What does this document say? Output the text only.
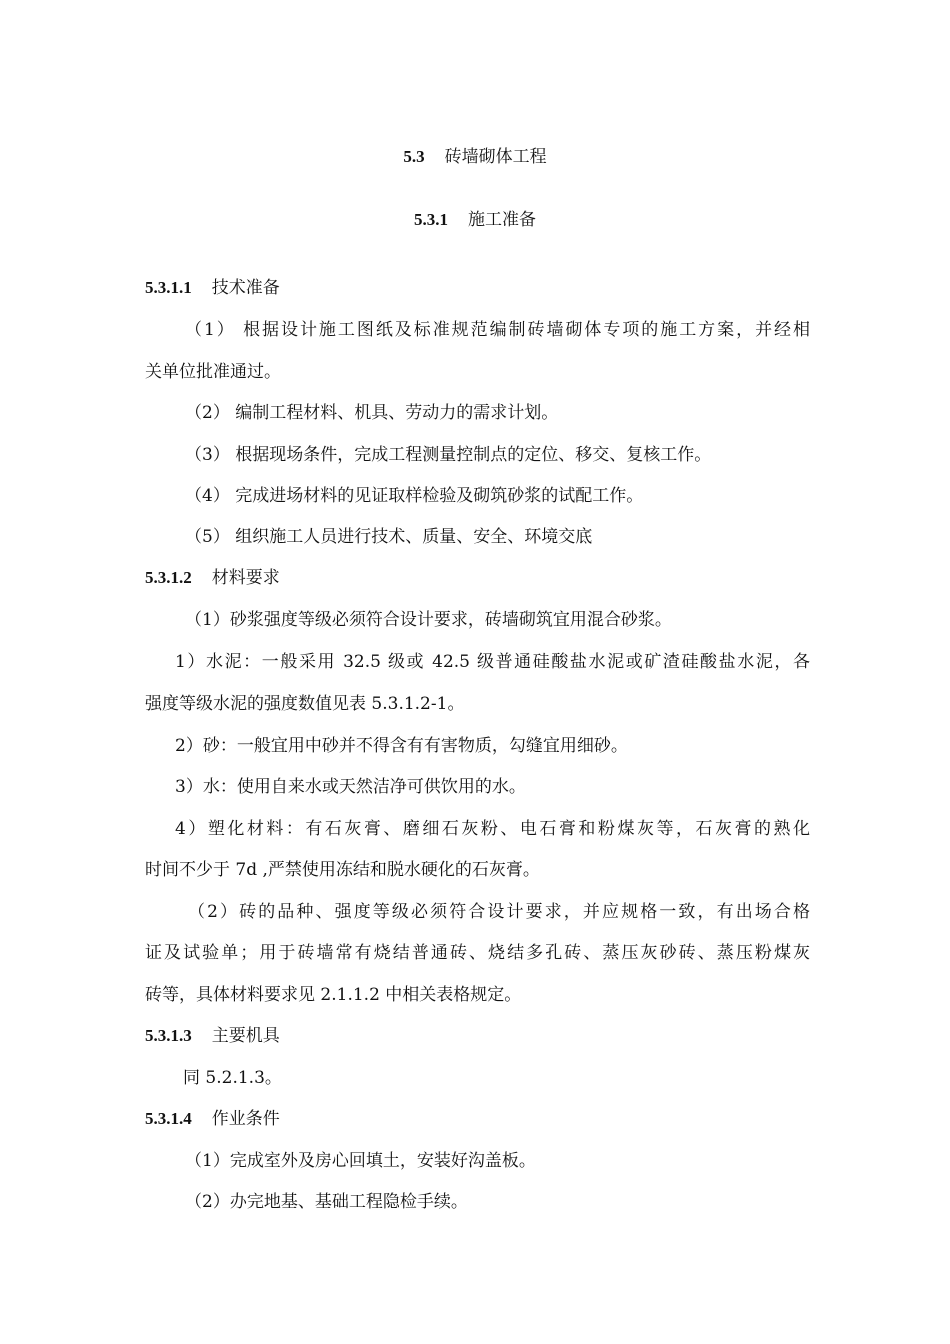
5.3 砖墙砌体工程
5.3.1 施工准备
5.3.1.1 技术准备
（1） 根据设计施工图纸及标准规范编制砖墙砌体专项的施工方案，并经相
关单位批准通过。
（2） 编制工程材料、机具、劳动力的需求计划。
（3） 根据现场条件，完成工程测量控制点的定位、移交、复核工作。
（4） 完成进场材料的见证取样检验及砌筑砂浆的试配工作。
（5） 组织施工人员进行技术、质量、安全、环境交底
5.3.1.2 材料要求
（1）砂浆强度等级必须符合设计要求，砖墙砌筑宜用混合砂浆。
1）水泥：一般采用 32.5 级或 42.5 级普通硅酸盐水泥或矿渣硅酸盐水泥，各
强度等级水泥的强度数值见表 5.3.1.2-1。
2）砂：一般宜用中砂并不得含有有害物质，勾缝宜用细砂。
3）水：使用自来水或天然洁净可供饮用的水。
4）塑化材料：有石灰膏、磨细石灰粉、电石膏和粉煤灰等，石灰膏的熟化
时间不少于 7d ,严禁使用冻结和脱水硬化的石灰膏。
（2）砖的品种、强度等级必须符合设计要求，并应规格一致，有出场合格
证及试验单；用于砖墙常有烧结普通砖、烧结多孔砖、蒸压灰砂砖、蒸压粉煤灰
砖等，具体材料要求见 2.1.1.2 中相关表格规定。
5.3.1.3 主要机具
同 5.2.1.3。
5.3.1.4 作业条件
（1）完成室外及房心回填土，安装好沟盖板。
（2）办完地基、基础工程隐检手续。
